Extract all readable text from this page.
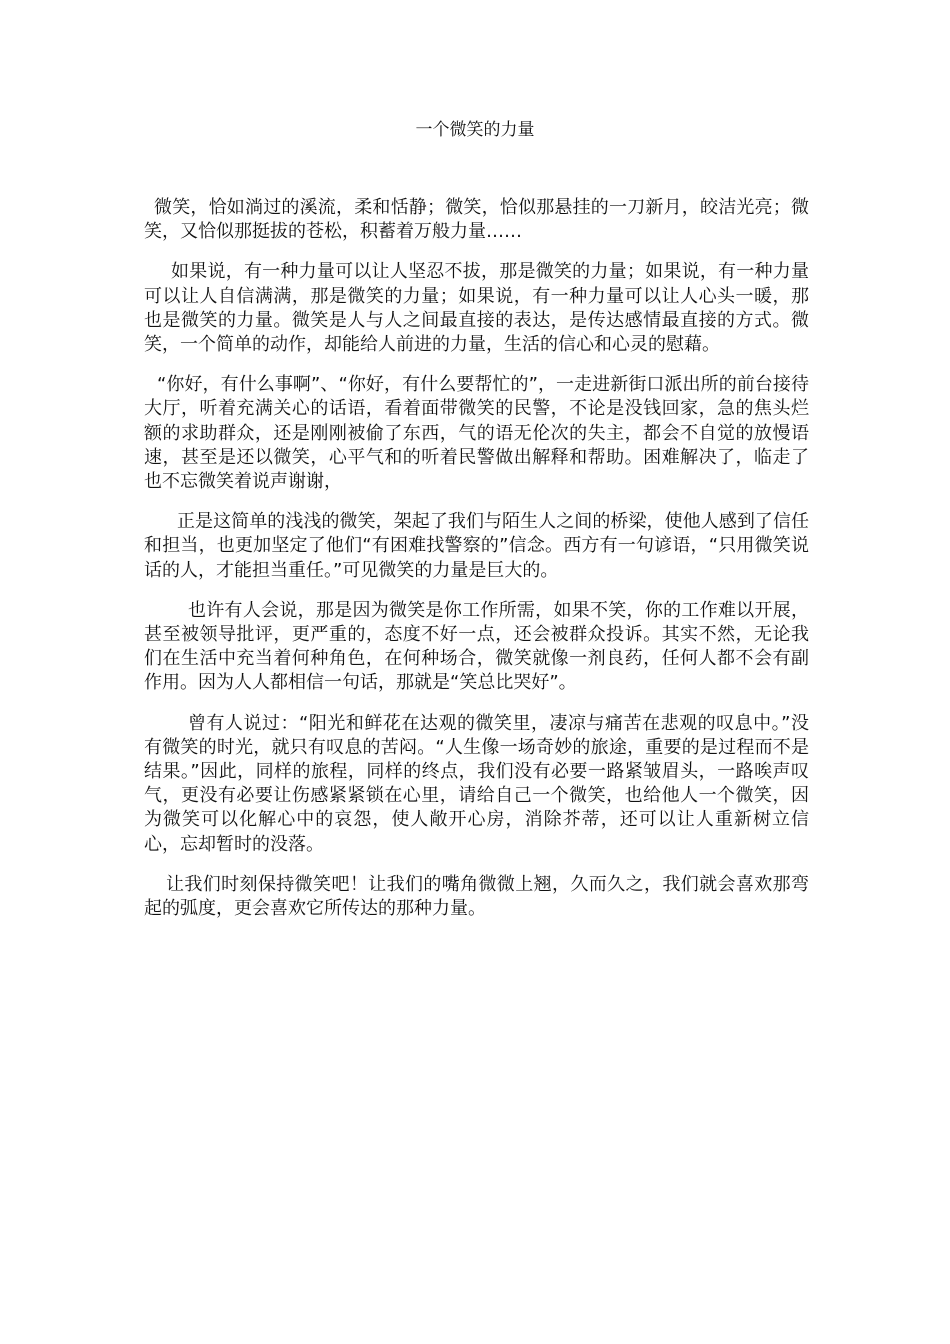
一个微笑的力量

微笑，恰如淌过的溪流，柔和恬静；微笑，恰似那悬挂的一刀新月，皎洁光亮；微笑，又恰似那挺拔的苍松，积蓄着万般力量……

如果说，有一种力量可以让人坚忍不拔，那是微笑的力量；如果说，有一种力量可以让人自信满满，那是微笑的力量；如果说，有一种力量可以让人心头一暖，那也是微笑的力量。微笑是人与人之间最直接的表达，是传达感情最直接的方式。微笑，一个简单的动作，却能给人前进的力量，生活的信心和心灵的慰藉。

“你好，有什么事啊”、“你好，有什么要帮忙的”，一走进新街口派出所的前台接待大厅，听着充满关心的话语，看着面带微笑的民警，不论是没钱回家，急的焦头烂额的求助群众，还是刚刚被偷了东西，气的语无伦次的失主，都会不自觉的放慢语速，甚至是还以微笑，心平气和的听着民警做出解释和帮助。困难解决了，临走了也不忘微笑着说声谢谢，

正是这简单的浅浅的微笑，架起了我们与陌生人之间的桥梁，使他人感到了信任和担当，也更加坚定了他们“有困难找警察的”信念。西方有一句谚语，“只用微笑说话的人，才能担当重任。”可见微笑的力量是巨大的。

也许有人会说，那是因为微笑是你工作所需，如果不笑，你的工作难以开展，甚至被领导批评，更严重的，态度不好一点，还会被群众投诉。其实不然，无论我们在生活中充当着何种角色，在何种场合，微笑就像一剂良药，任何人都不会有副作用。因为人人都相信一句话，那就是“笑总比哭好”。

曾有人说过：“阳光和鲜花在达观的微笑里，凄凉与痛苦在悲观的叹息中。”没有微笑的时光，就只有叹息的苦闷。“人生像一场奇妙的旅途，重要的是过程而不是结果。”因此，同样的旅程，同样的终点，我们没有必要一路紧皱眉头，一路唉声叹气，更没有必要让伤感紧紧锁在心里，请给自己一个微笑，也给他人一个微笑，因为微笑可以化解心中的哀怨，使人敞开心房，消除芥蒂，还可以让人重新树立信心，忘却暂时的没落。

让我们时刻保持微笑吧！让我们的嘴角微微上翘，久而久之，我们就会喜欢那弯起的弧度，更会喜欢它所传达的那种力量。
